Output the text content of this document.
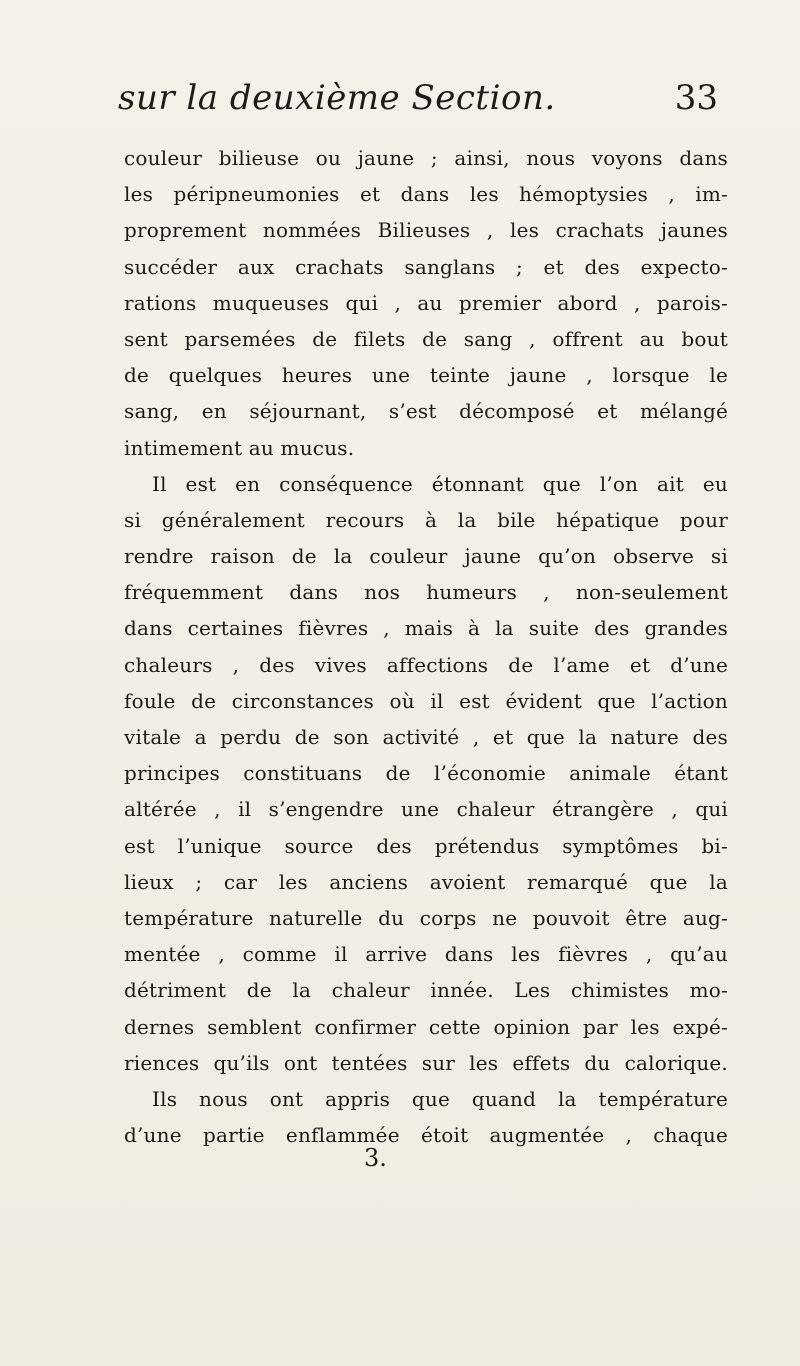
sur la deuxième Section.	33
couleur bilieuse ou jaune ; ainsi, nous voyons dans
les péripneumonies et dans les hémoptysies , im-
proprement nommées Bilieuses , les crachats jaunes
succéder aux crachats sanglans ; et des expecto-
rations muqueuses qui , au premier abord , parois-
sent parsemées de filets de sang , offrent au bout
de quelques heures une teinte jaune , lorsque le
sang, en séjournant, s’est décomposé et mélangé
intimement au mucus.
Il est en conséquence étonnant que l’on ait eu
si généralement recours à la bile hépatique pour
rendre raison de la couleur jaune qu’on observe si
fréquemment dans nos humeurs , non-seulement
dans certaines fièvres , mais à la suite des grandes
chaleurs , des vives affections de l’ame et d’une
foule de circonstances où il est évident que l’action
vitale a perdu de son activité , et que la nature des
principes constituans de l’économie animale étant
altérée , il s’engendre une chaleur étrangère , qui
est l’unique source des prétendus symptômes bi-
lieux ; car les anciens avoient remarqué que la
température naturelle du corps ne pouvoit être aug-
mentée , comme il arrive dans les fièvres , qu’au
détriment de la chaleur innée. Les chimistes mo-
dernes semblent confirmer cette opinion par les expé-
riences qu’ils ont tentées sur les effets du calorique.
Ils nous ont appris que quand la température
d’une partie enflammée étoit augmentée , chaque
3.
